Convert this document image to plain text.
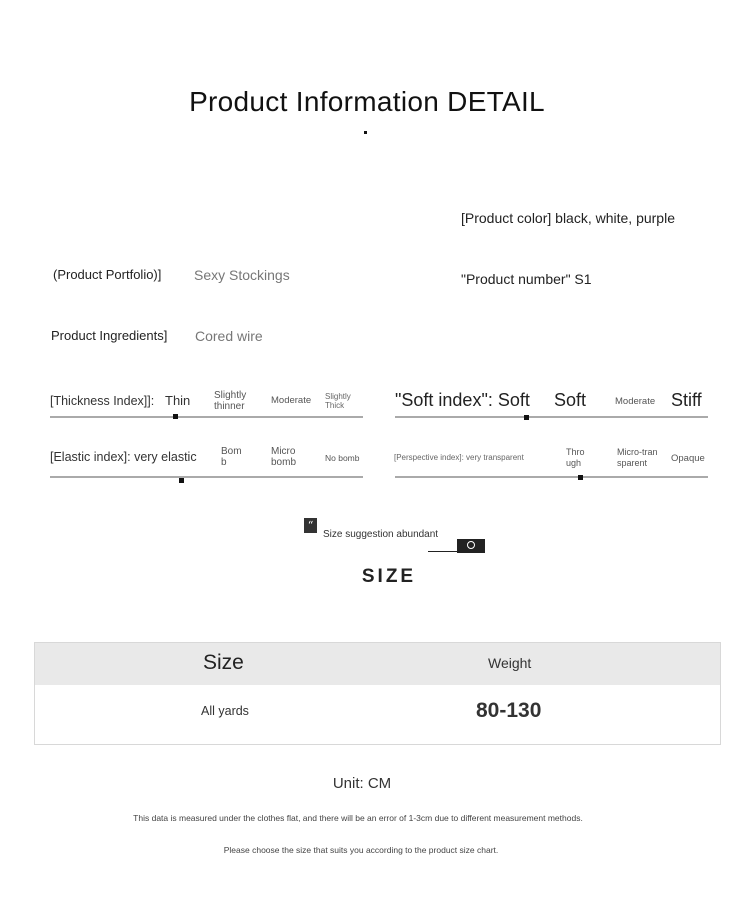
Product Information DETAIL
[Product color] black, white, purple
(Product Portfolio)] Sexy Stockings	"Product number" S1
Product Ingredients] Cored wire
[Thickness Index]]: Thin Slightly thinner
Moderate Slightly Thick	"Soft index": Soft Soft	Moderate Stiff
[Elastic index]: very elastic Bomb
Micro bomb	No bomb	[Perspective index]: very transparent
Through
Micro-transparent	Opaque
“
Size suggestion abundant
SIZE
Size	Weight
All yards	80-130
Unit: CM
This data is measured under the clothes flat, and there will be an error of 1-3cm due to different measurement methods.
Please choose the size that suits you according to the product size chart.
